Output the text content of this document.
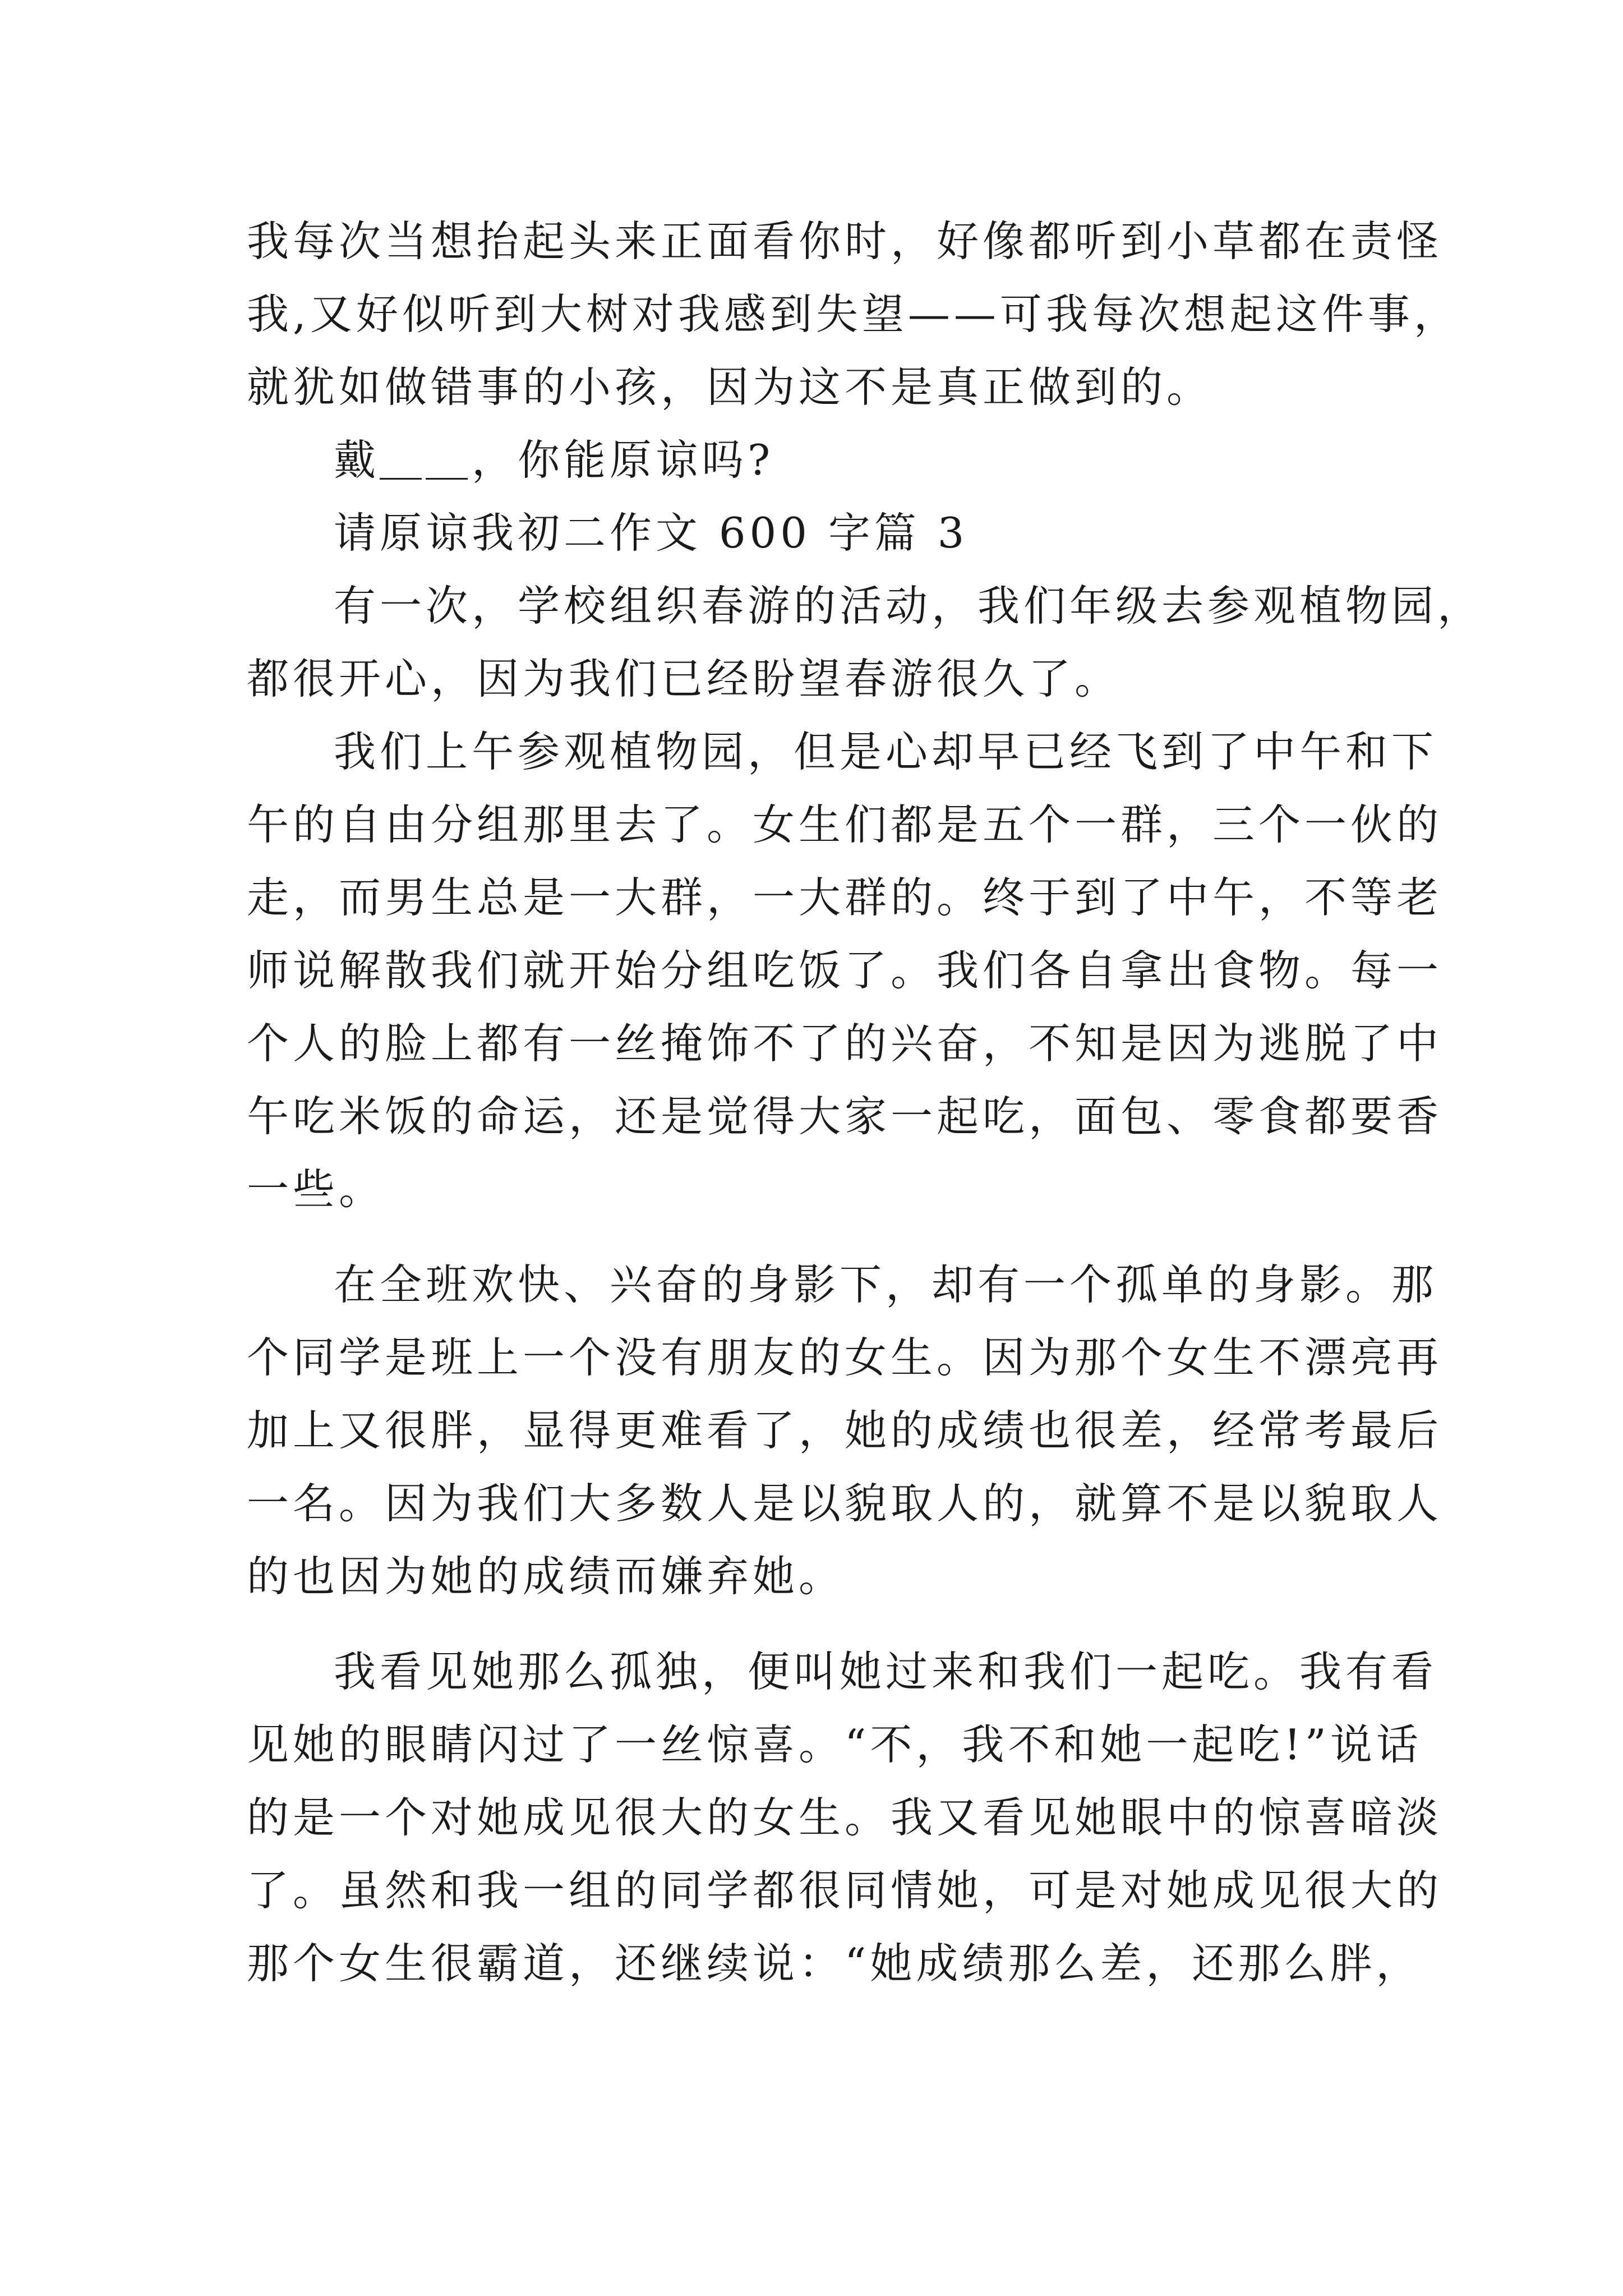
我每次当想抬起头来正面看你时，好像都听到小草都在责怪
我,又好似听到大树对我感到失望——可我每次想起这件事，
就犹如做错事的小孩，因为这不是真正做到的。
戴＿＿，你能原谅吗?
请原谅我初二作文 600 字篇 3
有一次，学校组织春游的活动，我们年级去参观植物园，
都很开心，因为我们已经盼望春游很久了。
我们上午参观植物园，但是心却早已经飞到了中午和下
午的自由分组那里去了。女生们都是五个一群，三个一伙的
走，而男生总是一大群，一大群的。终于到了中午，不等老
师说解散我们就开始分组吃饭了。我们各自拿出食物。每一
个人的脸上都有一丝掩饰不了的兴奋，不知是因为逃脱了中
午吃米饭的命运，还是觉得大家一起吃，面包、零食都要香
一些。
在全班欢快、兴奋的身影下，却有一个孤单的身影。那
个同学是班上一个没有朋友的女生。因为那个女生不漂亮再
加上又很胖，显得更难看了，她的成绩也很差，经常考最后
一名。因为我们大多数人是以貌取人的，就算不是以貌取人
的也因为她的成绩而嫌弃她。
我看见她那么孤独，便叫她过来和我们一起吃。我有看
见她的眼睛闪过了一丝惊喜。“不，我不和她一起吃!”说话
的是一个对她成见很大的女生。我又看见她眼中的惊喜暗淡
了。虽然和我一组的同学都很同情她，可是对她成见很大的
那个女生很霸道，还继续说：“她成绩那么差，还那么胖，
